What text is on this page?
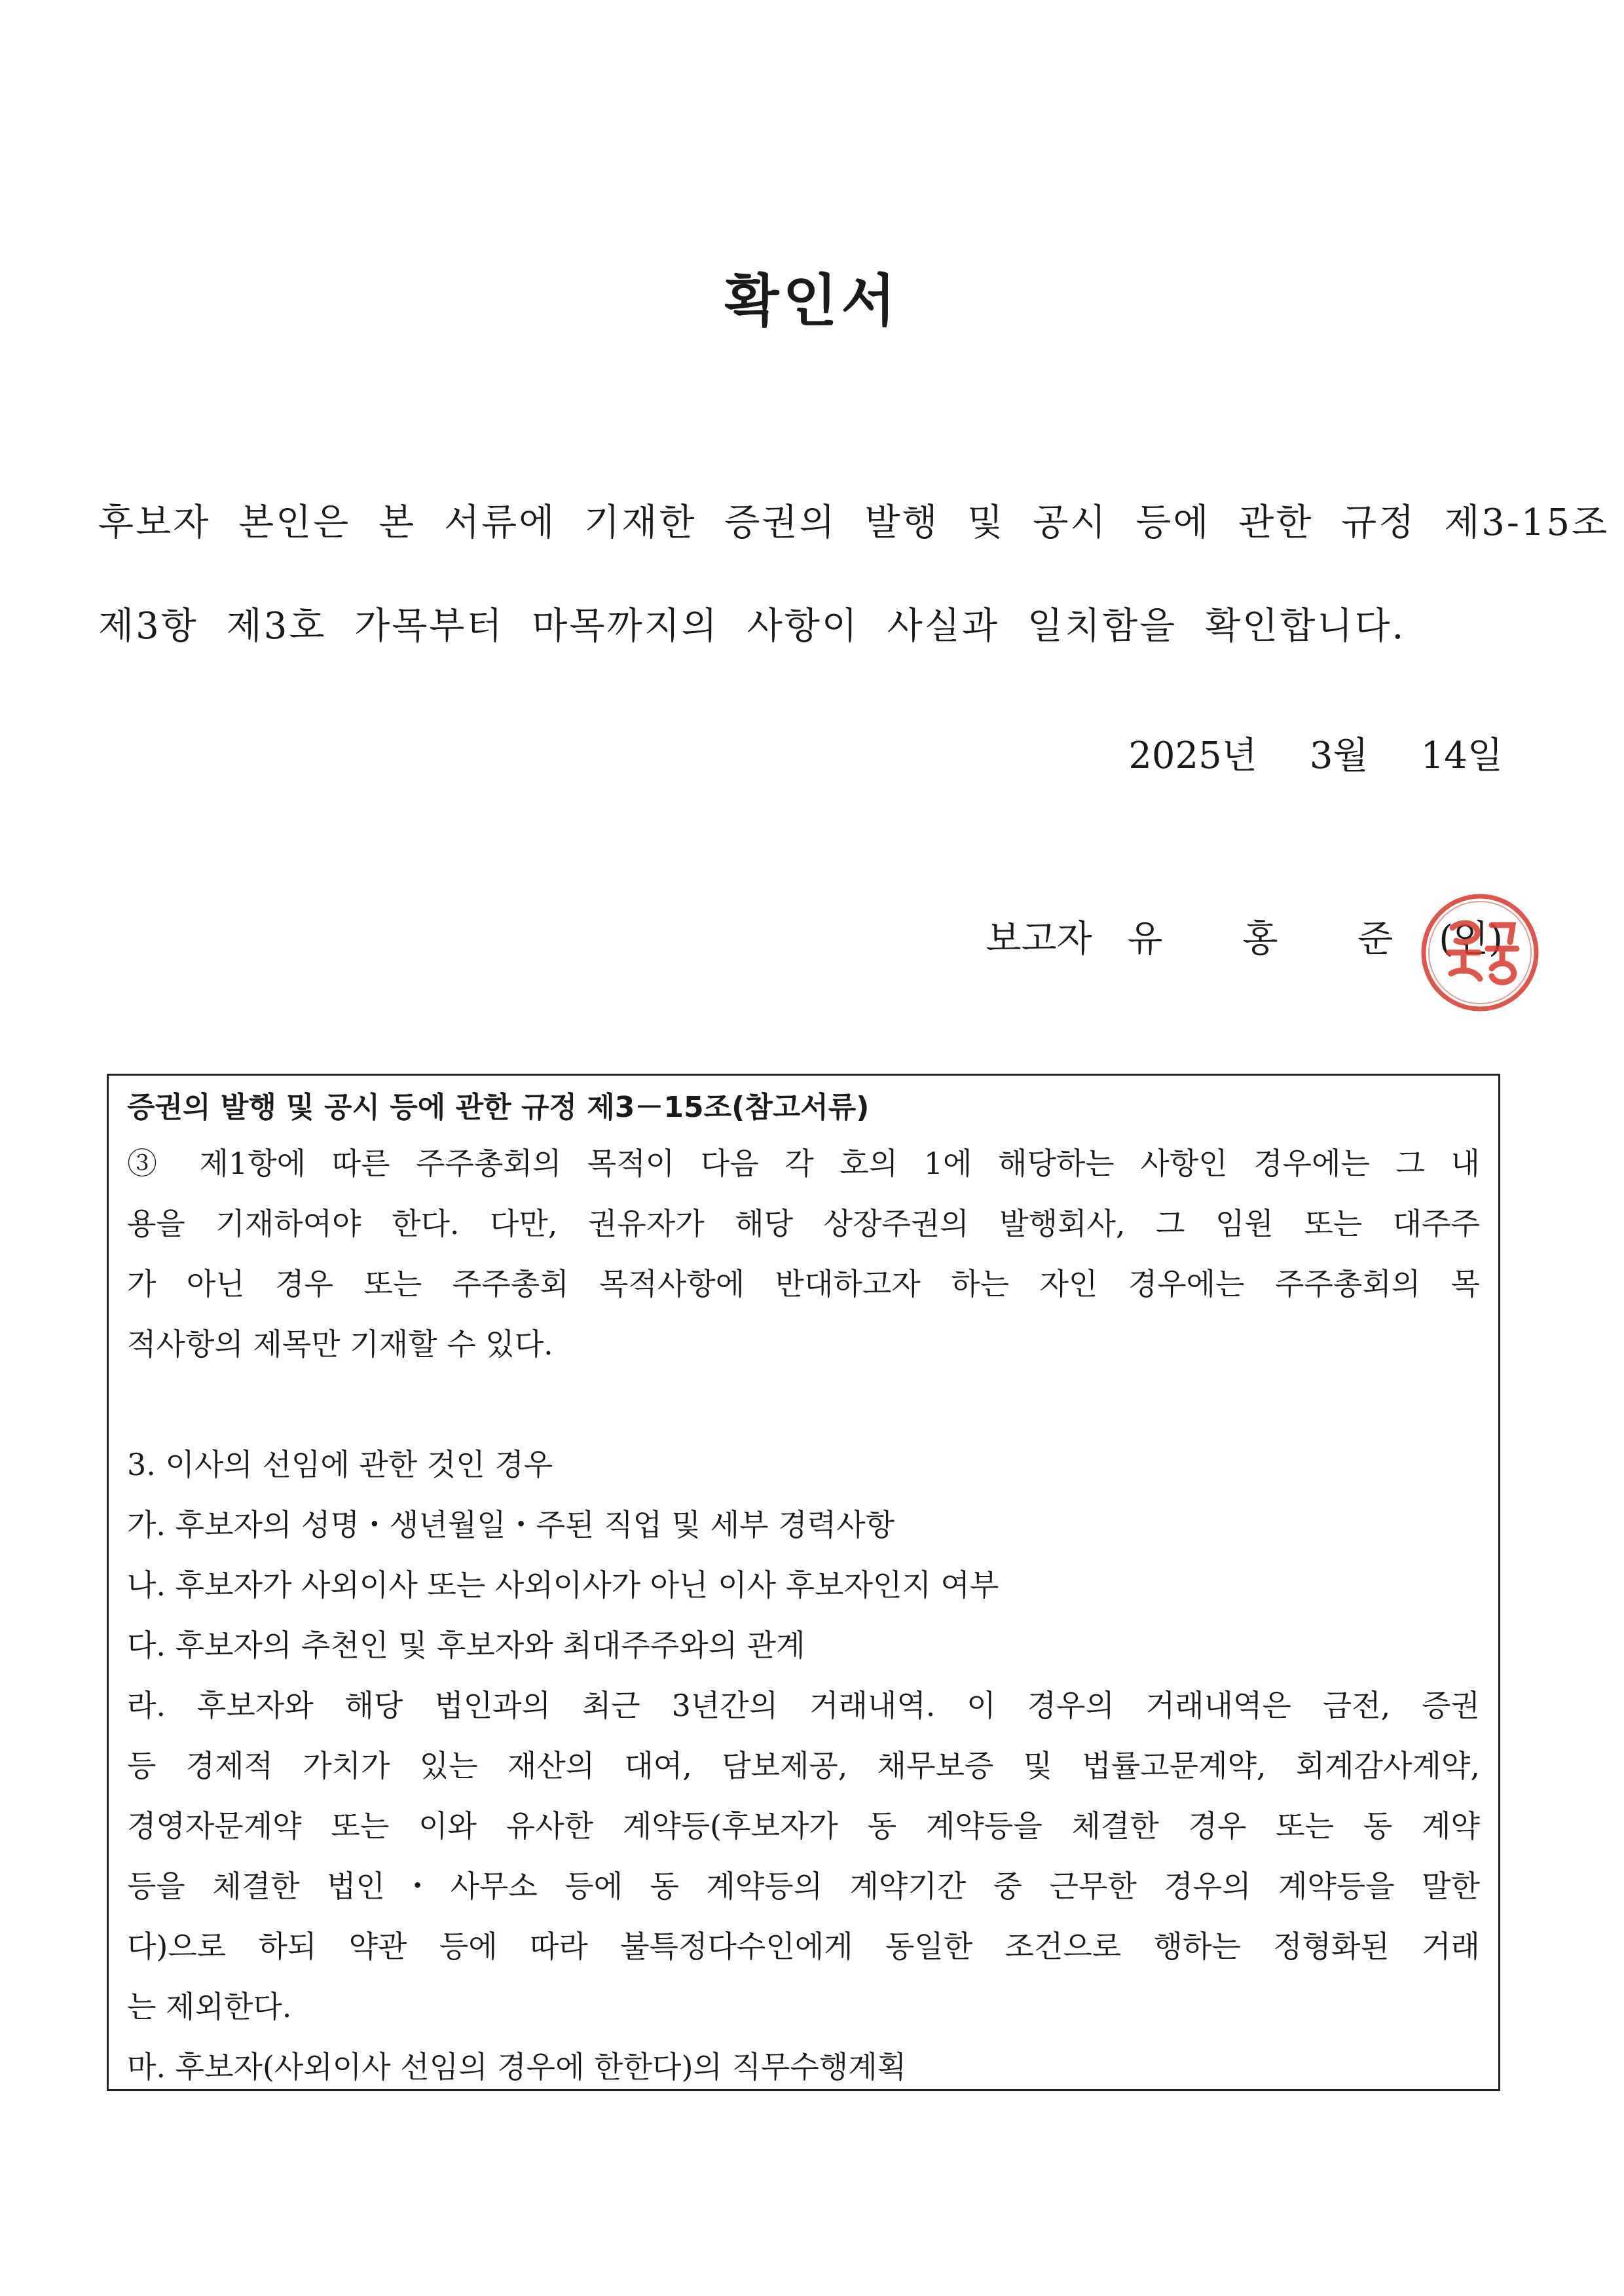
확인서
후보자 본인은 본 서류에 기재한 증권의 발행 및 공시 등에 관한 규정 제3-15조
제3항 제3호 가목부터 마목까지의 사항이 사실과 일치함을 확인합니다.
2025년 3월 14일
보고자 유 홍 준 (인)

증권의 발행 및 공시 등에 관한 규정 제3－15조(참고서류)

③ 제1항에 따른 주주총회의 목적이 다음 각 호의 1에 해당하는 사항인 경우에는 그 내
용을 기재하여야 한다. 다만, 권유자가 해당 상장주권의 발행회사, 그 임원 또는 대주주
가 아닌 경우 또는 주주총회 목적사항에 반대하고자 하는 자인 경우에는 주주총회의 목
적사항의 제목만 기재할 수 있다.
3. 이사의 선임에 관한 것인 경우
가. 후보자의 성명・생년월일・주된 직업 및 세부 경력사항
나. 후보자가 사외이사 또는 사외이사가 아닌 이사 후보자인지 여부
다. 후보자의 추천인 및 후보자와 최대주주와의 관계
라. 후보자와 해당 법인과의 최근 3년간의 거래내역. 이 경우의 거래내역은 금전, 증권
등 경제적 가치가 있는 재산의 대여, 담보제공, 채무보증 및 법률고문계약, 회계감사계약,
경영자문계약 또는 이와 유사한 계약등(후보자가 동 계약등을 체결한 경우 또는 동 계약
등을 체결한 법인・사무소 등에 동 계약등의 계약기간 중 근무한 경우의 계약등을 말한
다)으로 하되 약관 등에 따라 불특정다수인에게 동일한 조건으로 행하는 정형화된 거래
는 제외한다.
마. 후보자(사외이사 선임의 경우에 한한다)의 직무수행계획
